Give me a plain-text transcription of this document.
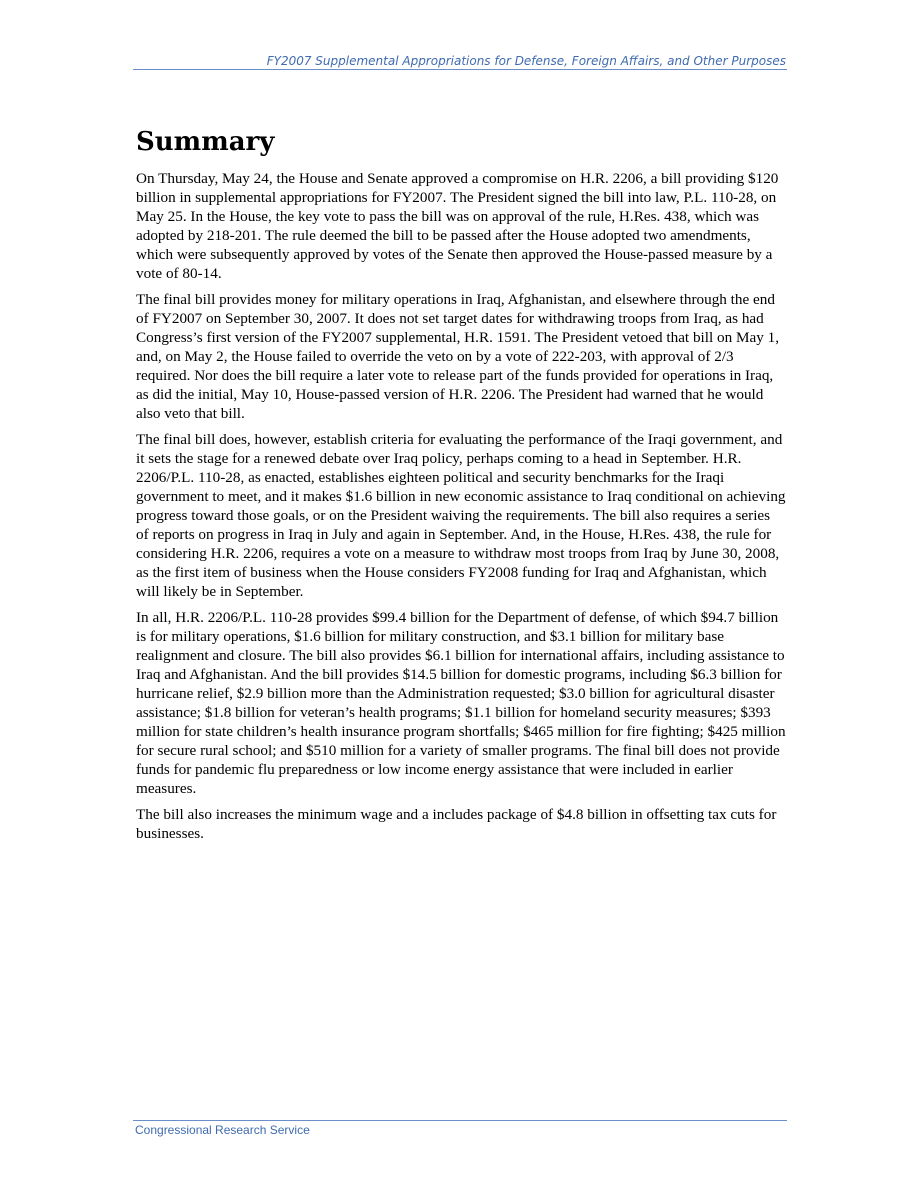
FY2007 Supplemental Appropriations for Defense, Foreign Affairs, and Other Purposes
Summary

On Thursday, May 24, the House and Senate approved a compromise on H.R. 2206, a bill providing $120 billion in supplemental appropriations for FY2007. The President signed the bill into law, P.L. 110-28, on May 25. In the House, the key vote to pass the bill was on approval of the rule, H.Res. 438, which was adopted by 218-201. The rule deemed the bill to be passed after the House adopted two amendments, which were subsequently approved by votes of the Senate then approved the House-passed measure by a vote of 80-14.

The final bill provides money for military operations in Iraq, Afghanistan, and elsewhere through the end of FY2007 on September 30, 2007. It does not set target dates for withdrawing troops from Iraq, as had Congress’s first version of the FY2007 supplemental, H.R. 1591. The President vetoed that bill on May 1, and, on May 2, the House failed to override the veto on by a vote of 222-203, with approval of 2/3 required. Nor does the bill require a later vote to release part of the funds provided for operations in Iraq, as did the initial, May 10, House-passed version of H.R. 2206. The President had warned that he would also veto that bill.

The final bill does, however, establish criteria for evaluating the performance of the Iraqi government, and it sets the stage for a renewed debate over Iraq policy, perhaps coming to a head in September. H.R. 2206/P.L. 110-28, as enacted, establishes eighteen political and security benchmarks for the Iraqi government to meet, and it makes $1.6 billion in new economic assistance to Iraq conditional on achieving progress toward those goals, or on the President waiving the requirements. The bill also requires a series of reports on progress in Iraq in July and again in September. And, in the House, H.Res. 438, the rule for considering H.R. 2206, requires a vote on a measure to withdraw most troops from Iraq by June 30, 2008, as the first item of business when the House considers FY2008 funding for Iraq and Afghanistan, which will likely be in September.

In all, H.R. 2206/P.L. 110-28 provides $99.4 billion for the Department of defense, of which $94.7 billion is for military operations, $1.6 billion for military construction, and $3.1 billion for military base realignment and closure. The bill also provides $6.1 billion for international affairs, including assistance to Iraq and Afghanistan. And the bill provides $14.5 billion for domestic programs, including $6.3 billion for hurricane relief, $2.9 billion more than the Administration requested; $3.0 billion for agricultural disaster assistance; $1.8 billion for veteran’s health programs; $1.1 billion for homeland security measures; $393 million for state children’s health insurance program shortfalls; $465 million for fire fighting; $425 million for secure rural school; and $510 million for a variety of smaller programs. The final bill does not provide funds for pandemic flu preparedness or low income energy assistance that were included in earlier measures.

The bill also increases the minimum wage and a includes package of $4.8 billion in offsetting tax cuts for businesses.

Congressional Research Service
